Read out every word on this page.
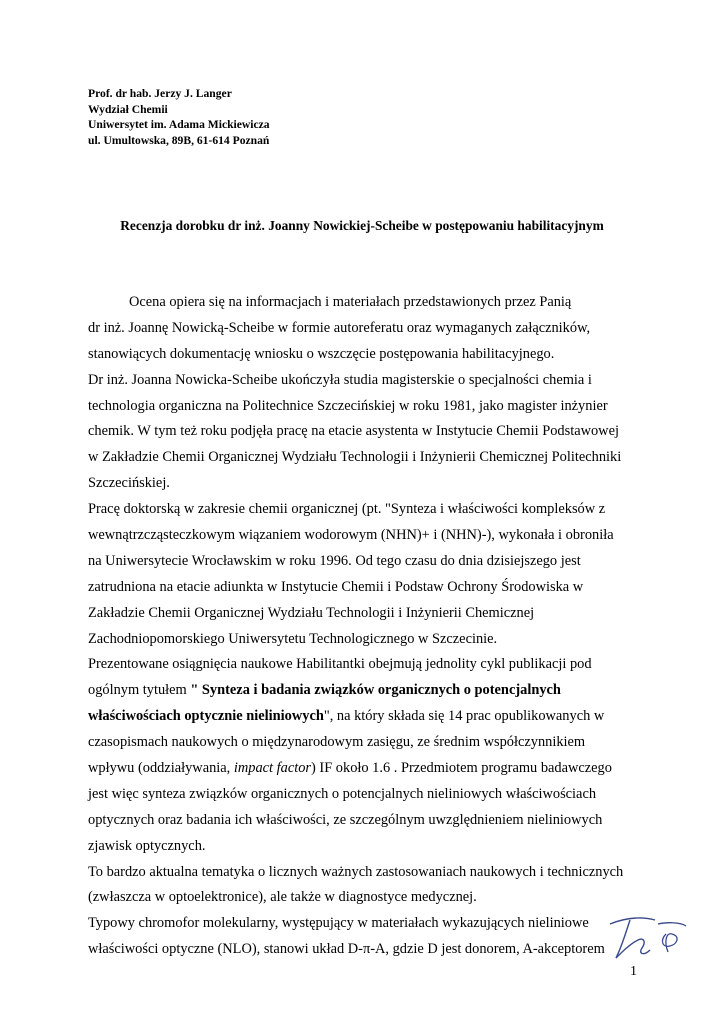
Prof. dr hab. Jerzy J. Langer
Wydział Chemii
Uniwersytet im. Adama Mickiewicza
ul. Umultowska, 89B, 61-614 Poznań
Recenzja dorobku dr inż. Joanny Nowickiej-Scheibe w postępowaniu habilitacyjnym
Ocena opiera się na informacjach i materiałach przedstawionych przez Panią
dr inż. Joannę Nowicką-Scheibe w formie autoreferatu oraz wymaganych załączników,
stanowiących dokumentację wniosku o wszczęcie postępowania habilitacyjnego.
Dr inż. Joanna Nowicka-Scheibe ukończyła studia magisterskie o specjalności chemia i
technologia organiczna na Politechnice Szczecińskiej w roku 1981, jako magister inżynier
chemik. W tym też roku podjęła pracę na etacie asystenta w Instytucie Chemii Podstawowej
w Zakładzie Chemii Organicznej Wydziału Technologii i Inżynierii Chemicznej Politechniki
Szczecińskiej.
Pracę doktorską w zakresie chemii organicznej (pt. "Synteza i właściwości kompleksów z
wewnątrzcząsteczkowym wiązaniem wodorowym (NHN)+ i (NHN)-), wykonała i obroniła
na Uniwersytecie Wrocławskim w roku 1996. Od tego czasu do dnia dzisiejszego jest
zatrudniona na etacie adiunkta w Instytucie Chemii i Podstaw Ochrony Środowiska w
Zakładzie Chemii Organicznej Wydziału Technologii i Inżynierii Chemicznej
Zachodniopomorskiego Uniwersytetu Technologicznego w Szczecinie.
Prezentowane osiągnięcia naukowe Habilitantki obejmują jednolity cykl publikacji pod
ogólnym tytułem " Synteza i badania związków organicznych o potencjalnych
właściwościach optycznie nieliniowych", na który składa się 14 prac opublikowanych w
czasopismach naukowych o międzynarodowym zasięgu, ze średnim współczynnikiem
wpływu (oddziaływania, impact factor) IF około 1.6 . Przedmiotem programu badawczego
jest więc synteza związków organicznych o potencjalnych nieliniowych właściwościach
optycznych oraz badania ich właściwości, ze szczególnym uwzględnieniem nieliniowych
zjawisk optycznych.
To bardzo aktualna tematyka o licznych ważnych zastosowaniach naukowych i technicznych
(zwłaszcza w optoelektronice), ale także w diagnostyce medycznej.
Typowy chromofor molekularny, występujący w materiałach wykazujących nieliniowe
właściwości optyczne (NLO), stanowi układ D-π-A, gdzie D jest donorem, A-akceptorem
1
